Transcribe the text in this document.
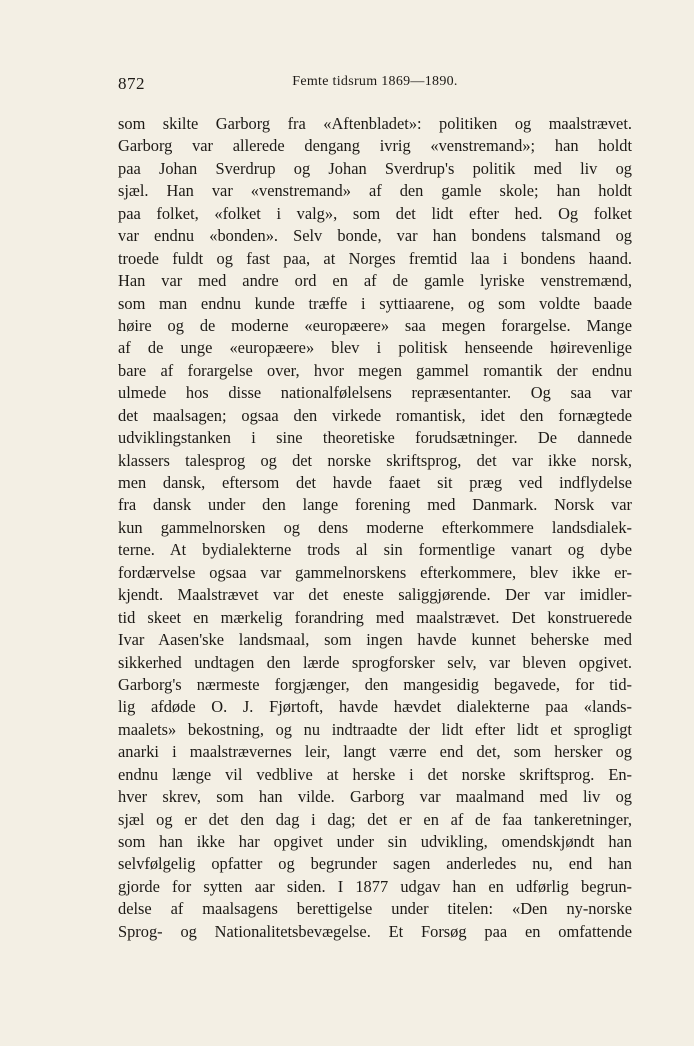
872	Femte tidsrum 1869—1890.
som skilte Garborg fra «Aftenbladet»: politiken og maalstrævet.
Garborg var allerede dengang ivrig «venstremand»; han holdt
paa Johan Sverdrup og Johan Sverdrup's politik med liv og
sjæl. Han var «venstremand» af den gamle skole; han holdt
paa folket, «folket i valg», som det lidt efter hed. Og folket
var endnu «bonden». Selv bonde, var han bondens talsmand og
troede fuldt og fast paa, at Norges fremtid laa i bondens haand.
Han var med andre ord en af de gamle lyriske venstremænd,
som man endnu kunde træffe i syttiaarene, og som voldte baade
høire og de moderne «europæere» saa megen forargelse. Mange
af de unge «europæere» blev i politisk henseende høirevenlige
bare af forargelse over, hvor megen gammel romantik der endnu
ulmede hos disse nationalfølelsens repræsentanter. Og saa var
det maalsagen; ogsaa den virkede romantisk, idet den fornægtede
udviklingstanken i sine theoretiske forudsætninger. De dannede
klassers talesprog og det norske skriftsprog, det var ikke norsk,
men dansk, eftersom det havde faaet sit præg ved indflydelse
fra dansk under den lange forening med Danmark. Norsk var
kun gammelnorsken og dens moderne efterkommere landsdialek-
terne. At bydialekterne trods al sin formentlige vanart og dybe
fordærvelse ogsaa var gammelnorskens efterkommere, blev ikke er-
kjendt. Maalstrævet var det eneste saliggjørende. Der var imidler-
tid skeet en mærkelig forandring med maalstrævet. Det konstruerede
Ivar Aasen'ske landsmaal, som ingen havde kunnet beherske med
sikkerhed undtagen den lærde sprogforsker selv, var bleven opgivet.
Garborg's nærmeste forgjænger, den mangesidig begavede, for tid-
lig afdøde O. J. Fjørtoft, havde hævdet dialekterne paa «lands-
maalets» bekostning, og nu indtraadte der lidt efter lidt et sprogligt
anarki i maalstrævernes leir, langt værre end det, som hersker og
endnu længe vil vedblive at herske i det norske skriftsprog. En-
hver skrev, som han vilde. Garborg var maalmand med liv og
sjæl og er det den dag i dag; det er en af de faa tankeretninger,
som han ikke har opgivet under sin udvikling, omendskjøndt han
selvfølgelig opfatter og begrunder sagen anderledes nu, end han
gjorde for sytten aar siden. I 1877 udgav han en udførlig begrun-
delse af maalsagens berettigelse under titelen: «Den ny-norske
Sprog- og Nationalitetsbevægelse. Et Forsøg paa en omfattende
